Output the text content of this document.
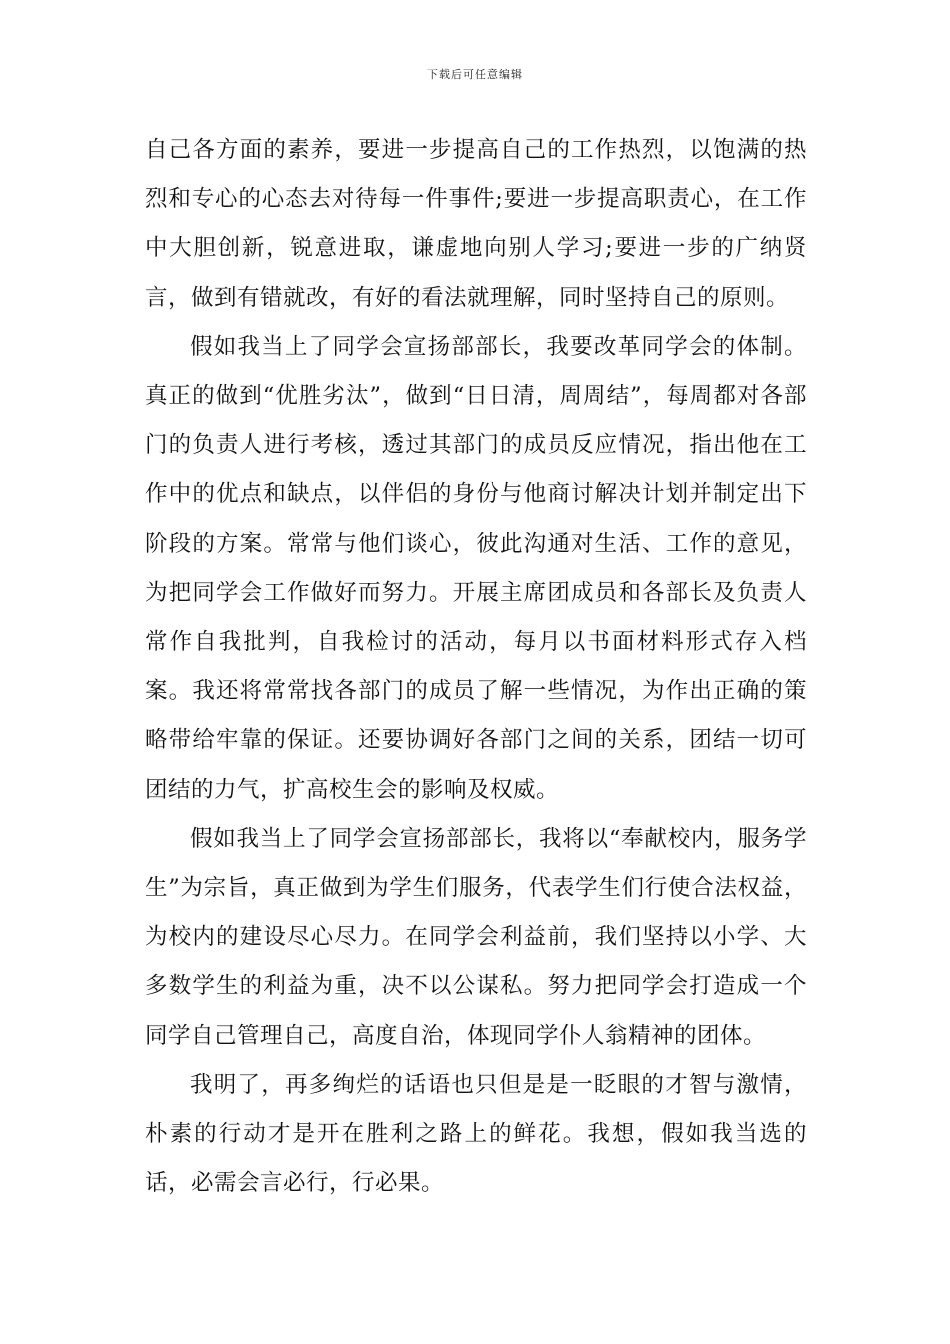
下载后可任意编辑

自己各方面的素养，要进一步提高自己的工作热烈，以饱满的热烈和专心的心态去对待每一件事件;要进一步提高职责心，在工作中大胆创新，锐意进取，谦虚地向别人学习;要进一步的广纳贤言，做到有错就改，有好的看法就理解，同时坚持自己的原则。

假如我当上了同学会宣扬部部长，我要改革同学会的体制。真正的做到“优胜劣汰”，做到“日日清，周周结”，每周都对各部门的负责人进行考核，透过其部门的成员反应情况，指出他在工作中的优点和缺点，以伴侣的身份与他商讨解决计划并制定出下阶段的方案。常常与他们谈心，彼此沟通对生活、工作的意见，为把同学会工作做好而努力。开展主席团成员和各部长及负责人常作自我批判，自我检讨的活动，每月以书面材料形式存入档案。我还将常常找各部门的成员了解一些情况，为作出正确的策略带给牢靠的保证。还要协调好各部门之间的关系，团结一切可团结的力气，扩高校生会的影响及权威。

假如我当上了同学会宣扬部部长，我将以“奉献校内，服务学生”为宗旨，真正做到为学生们服务，代表学生们行使合法权益，为校内的建设尽心尽力。在同学会利益前，我们坚持以小学、大多数学生的利益为重，决不以公谋私。努力把同学会打造成一个同学自己管理自己，高度自治，体现同学仆人翁精神的团体。

我明了，再多绚烂的话语也只但是是一眨眼的才智与激情，朴素的行动才是开在胜利之路上的鲜花。我想，假如我当选的话，必需会言必行，行必果。
